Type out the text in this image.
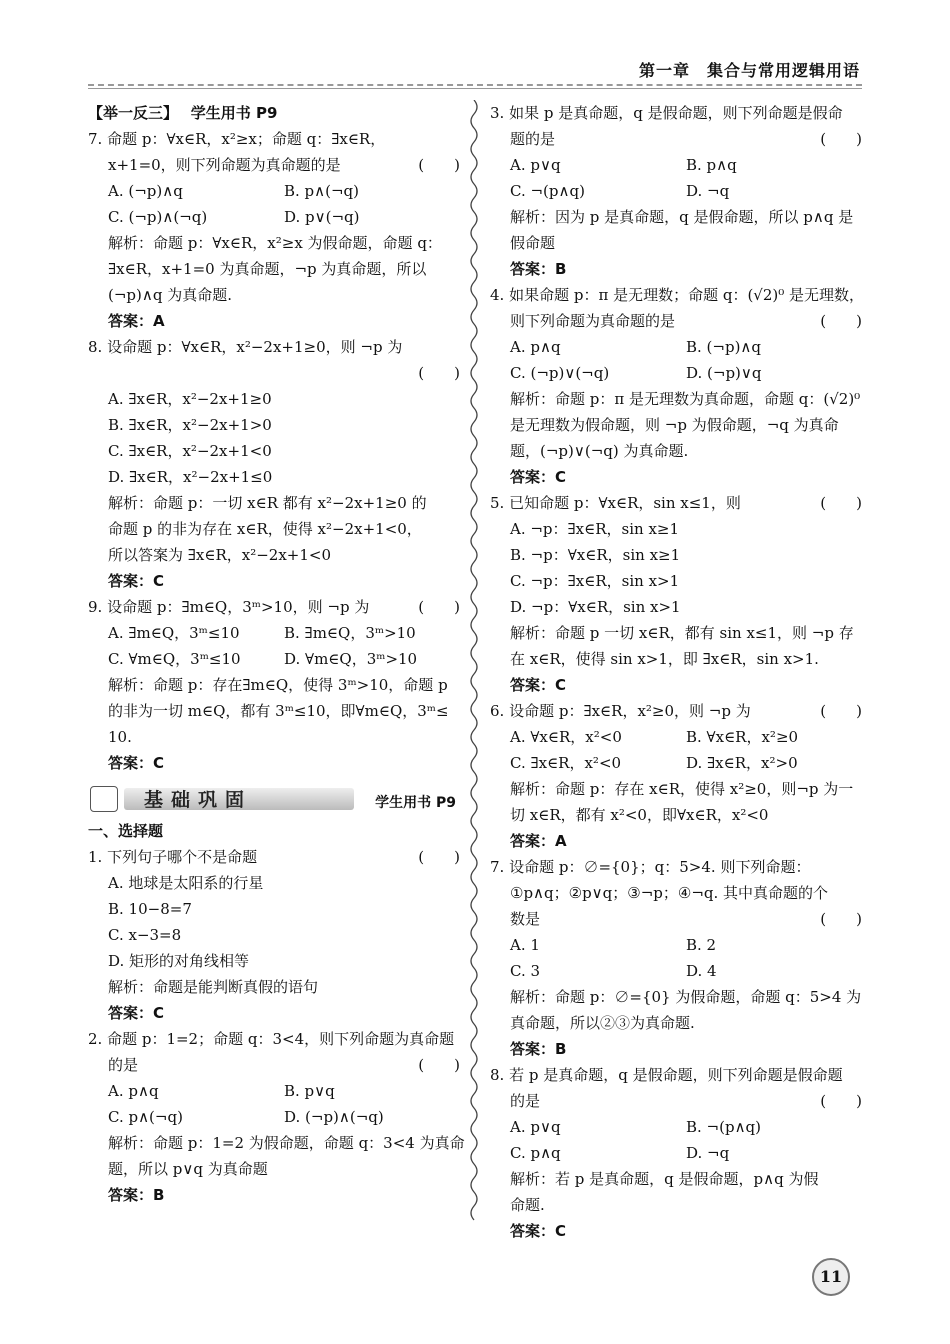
第一章　集合与常用逻辑用语
【举一反三】　 学生用书 P9
7. 命题 p：∀x∈R，x²≥x；命题 q：∃x∈R，
x+1=0，则下列命题为真命题的是	(　　)
A. (¬p)∧q	B. p∧(¬q)
C. (¬p)∧(¬q)	D. p∨(¬q)
解析：命题 p：∀x∈R，x²≥x 为假命题，命题 q：
∃x∈R，x+1=0 为真命题，¬p 为真命题，所以
(¬p)∧q 为真命题.
答案：A
8. 设命题 p：∀x∈R，x²−2x+1≥0，则 ¬p 为
(　　)
A. ∃x∈R，x²−2x+1≥0
B. ∃x∈R，x²−2x+1>0
C. ∃x∈R，x²−2x+1<0
D. ∃x∈R，x²−2x+1≤0
解析：命题 p：一切 x∈R 都有 x²−2x+1≥0 的
命题 p 的非为存在 x∈R，使得 x²−2x+1<0，
所以答案为 ∃x∈R，x²−2x+1<0
答案：C
9. 设命题 p：∃m∈Q，3ᵐ>10，则 ¬p 为	(　　)
A. ∃m∈Q，3ᵐ≤10	B. ∃m∈Q，3ᵐ>10
C. ∀m∈Q，3ᵐ≤10	D. ∀m∈Q，3ᵐ>10
解析：命题 p：存在∃m∈Q，使得 3ᵐ>10，命题 p
的非为一切 m∈Q，都有 3ᵐ≤10，即∀m∈Q，3ᵐ≤
10.
答案：C
基础巩固	学生用书 P9
一、选择题
1. 下列句子哪个不是命题	(　　)
A. 地球是太阳系的行星
B. 10−8=7
C. x−3=8
D. 矩形的对角线相等
解析：命题是能判断真假的语句
答案：C
2. 命题 p：1=2；命题 q：3<4，则下列命题为真命题
的是	(　　)
A. p∧q	B. p∨q
C. p∧(¬q)	D. (¬p)∧(¬q)
解析：命题 p：1=2 为假命题，命题 q：3<4 为真命
题，所以 p∨q 为真命题
答案：B
3. 如果 p 是真命题，q 是假命题，则下列命题是假命
题的是	(　　)
A. p∨q	B. p∧q
C. ¬(p∧q)	D. ¬q
解析：因为 p 是真命题，q 是假命题，所以 p∧q 是
假命题
答案：B
4. 如果命题 p：π 是无理数；命题 q：(√2)⁰ 是无理数，
则下列命题为真命题的是	(　　)
A. p∧q	B. (¬p)∧q
C. (¬p)∨(¬q)	D. (¬p)∨q
解析：命题 p：π 是无理数为真命题，命题 q：(√2)⁰
是无理数为假命题，则 ¬p 为假命题，¬q 为真命
题，(¬p)∨(¬q) 为真命题.
答案：C
5. 已知命题 p：∀x∈R，sin x≤1，则	(　　)
A. ¬p：∃x∈R，sin x≥1
B. ¬p：∀x∈R，sin x≥1
C. ¬p：∃x∈R，sin x>1
D. ¬p：∀x∈R，sin x>1
解析：命题 p 一切 x∈R，都有 sin x≤1，则 ¬p 存
在 x∈R，使得 sin x>1，即 ∃x∈R，sin x>1.
答案：C
6. 设命题 p：∃x∈R，x²≥0，则 ¬p 为	(　　)
A. ∀x∈R，x²<0	B. ∀x∈R，x²≥0
C. ∃x∈R，x²<0	D. ∃x∈R，x²>0
解析：命题 p：存在 x∈R，使得 x²≥0，则¬p 为一
切 x∈R，都有 x²<0，即∀x∈R，x²<0
答案：A
7. 设命题 p：∅={0}；q：5>4. 则下列命题：
①p∧q；②p∨q；③¬p；④¬q. 其中真命题的个
数是	(　　)
A. 1	B. 2
C. 3	D. 4
解析：命题 p：∅={0} 为假命题，命题 q：5>4 为
真命题，所以②③为真命题.
答案：B
8. 若 p 是真命题，q 是假命题，则下列命题是假命题
的是	(　　)
A. p∨q	B. ¬(p∧q)
C. p∧q	D. ¬q
解析：若 p 是真命题，q 是假命题，p∧q 为假
命题.
答案：C
11
